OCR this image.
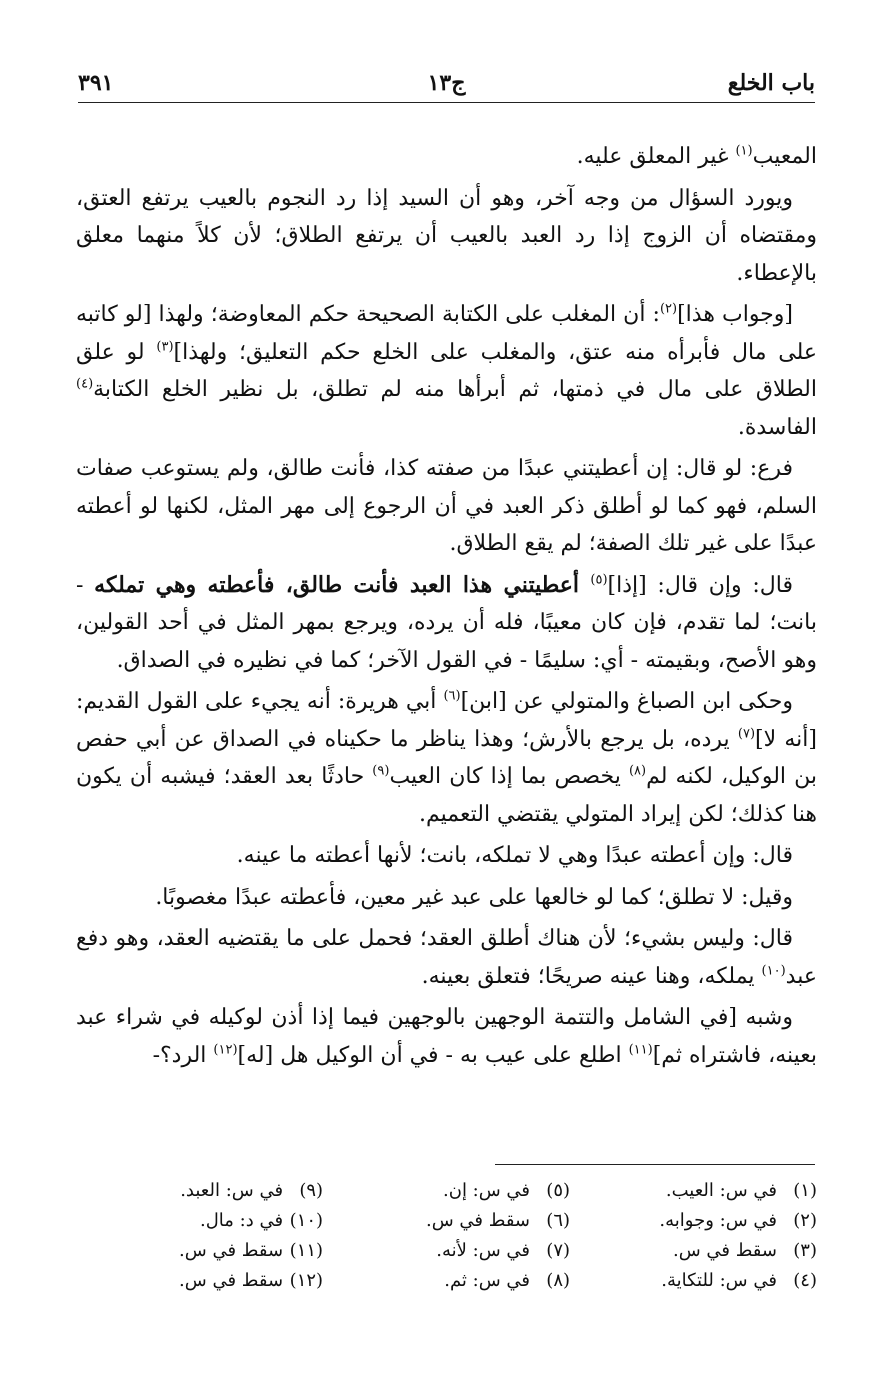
باب الخلع
ج١٣
٣٩١

المعيب$^{(١)}$ غير المعلق عليه.

ويورد السؤال من وجه آخر، وهو أن السيد إذا رد النجوم بالعيب يرتفع العتق، ومقتضاه أن الزوج إذا رد العبد بالعيب أن يرتفع الطلاق؛ لأن كلاً منهما معلق بالإعطاء.

[وجواب هذا]$^{(٢)}$: أن المغلب على الكتابة الصحيحة حكم المعاوضة؛ ولهذا [لو كاتبه على مال فأبرأه منه عتق، والمغلب على الخلع حكم التعليق؛ ولهذا]$^{(٣)}$ لو علق الطلاق على مال في ذمتها، ثم أبرأها منه لم تطلق، بل نظير الخلع الكتابة$^{(٤)}$ الفاسدة.

فرع: لو قال: إن أعطيتني عبدًا من صفته كذا، فأنت طالق، ولم يستوعب صفات السلم، فهو كما لو أطلق ذكر العبد في أن الرجوع إلى مهر المثل، لكنها لو أعطته عبدًا على غير تلك الصفة؛ لم يقع الطلاق.

قال: وإن قال: [إذا]$^{(٥)}$ أعطيتني هذا العبد فأنت طالق، فأعطته وهي تملكه - بانت؛ لما تقدم، فإن كان معيبًا، فله أن يرده، ويرجع بمهر المثل في أحد القولين، وهو الأصح، وبقيمته - أي: سليمًا - في القول الآخر؛ كما في نظيره في الصداق.

وحكى ابن الصباغ والمتولي عن [ابن]$^{(٦)}$ أبي هريرة: أنه يجيء على القول القديم: [أنه لا]$^{(٧)}$ يرده، بل يرجع بالأرش؛ وهذا يناظر ما حكيناه في الصداق عن أبي حفص بن الوكيل، لكنه لم$^{(٨)}$ يخصص بما إذا كان العيب$^{(٩)}$ حادثًا بعد العقد؛ فيشبه أن يكون هنا كذلك؛ لكن إيراد المتولي يقتضي التعميم.

قال: وإن أعطته عبدًا وهي لا تملكه، بانت؛ لأنها أعطته ما عينه.

وقيل: لا تطلق؛ كما لو خالعها على عبد غير معين، فأعطته عبدًا مغصوبًا.

قال: وليس بشيء؛ لأن هناك أطلق العقد؛ فحمل على ما يقتضيه العقد، وهو دفع عبد$^{(١٠)}$ يملكه، وهنا عينه صريحًا؛ فتعلق بعينه.

وشبه [في الشامل والتتمة الوجهين بالوجهين فيما إذا أذن لوكيله في شراء عبد بعينه، فاشتراه ثم]$^{(١١)}$ اطلع على عيب به - في أن الوكيل هل [له]$^{(١٢)}$ الرد؟-

(١)في س: العيب.
(٢)في س: وجوابه.
(٣)سقط في س.
(٤)في س: للتكاية.
(٥)في س: إن.
(٦)سقط في س.
(٧)في س: لأنه.
(٨)في س: ثم.
(٩)في س: العبد.
(١٠)في د: مال.
(١١)سقط في س.
(١٢)سقط في س.
